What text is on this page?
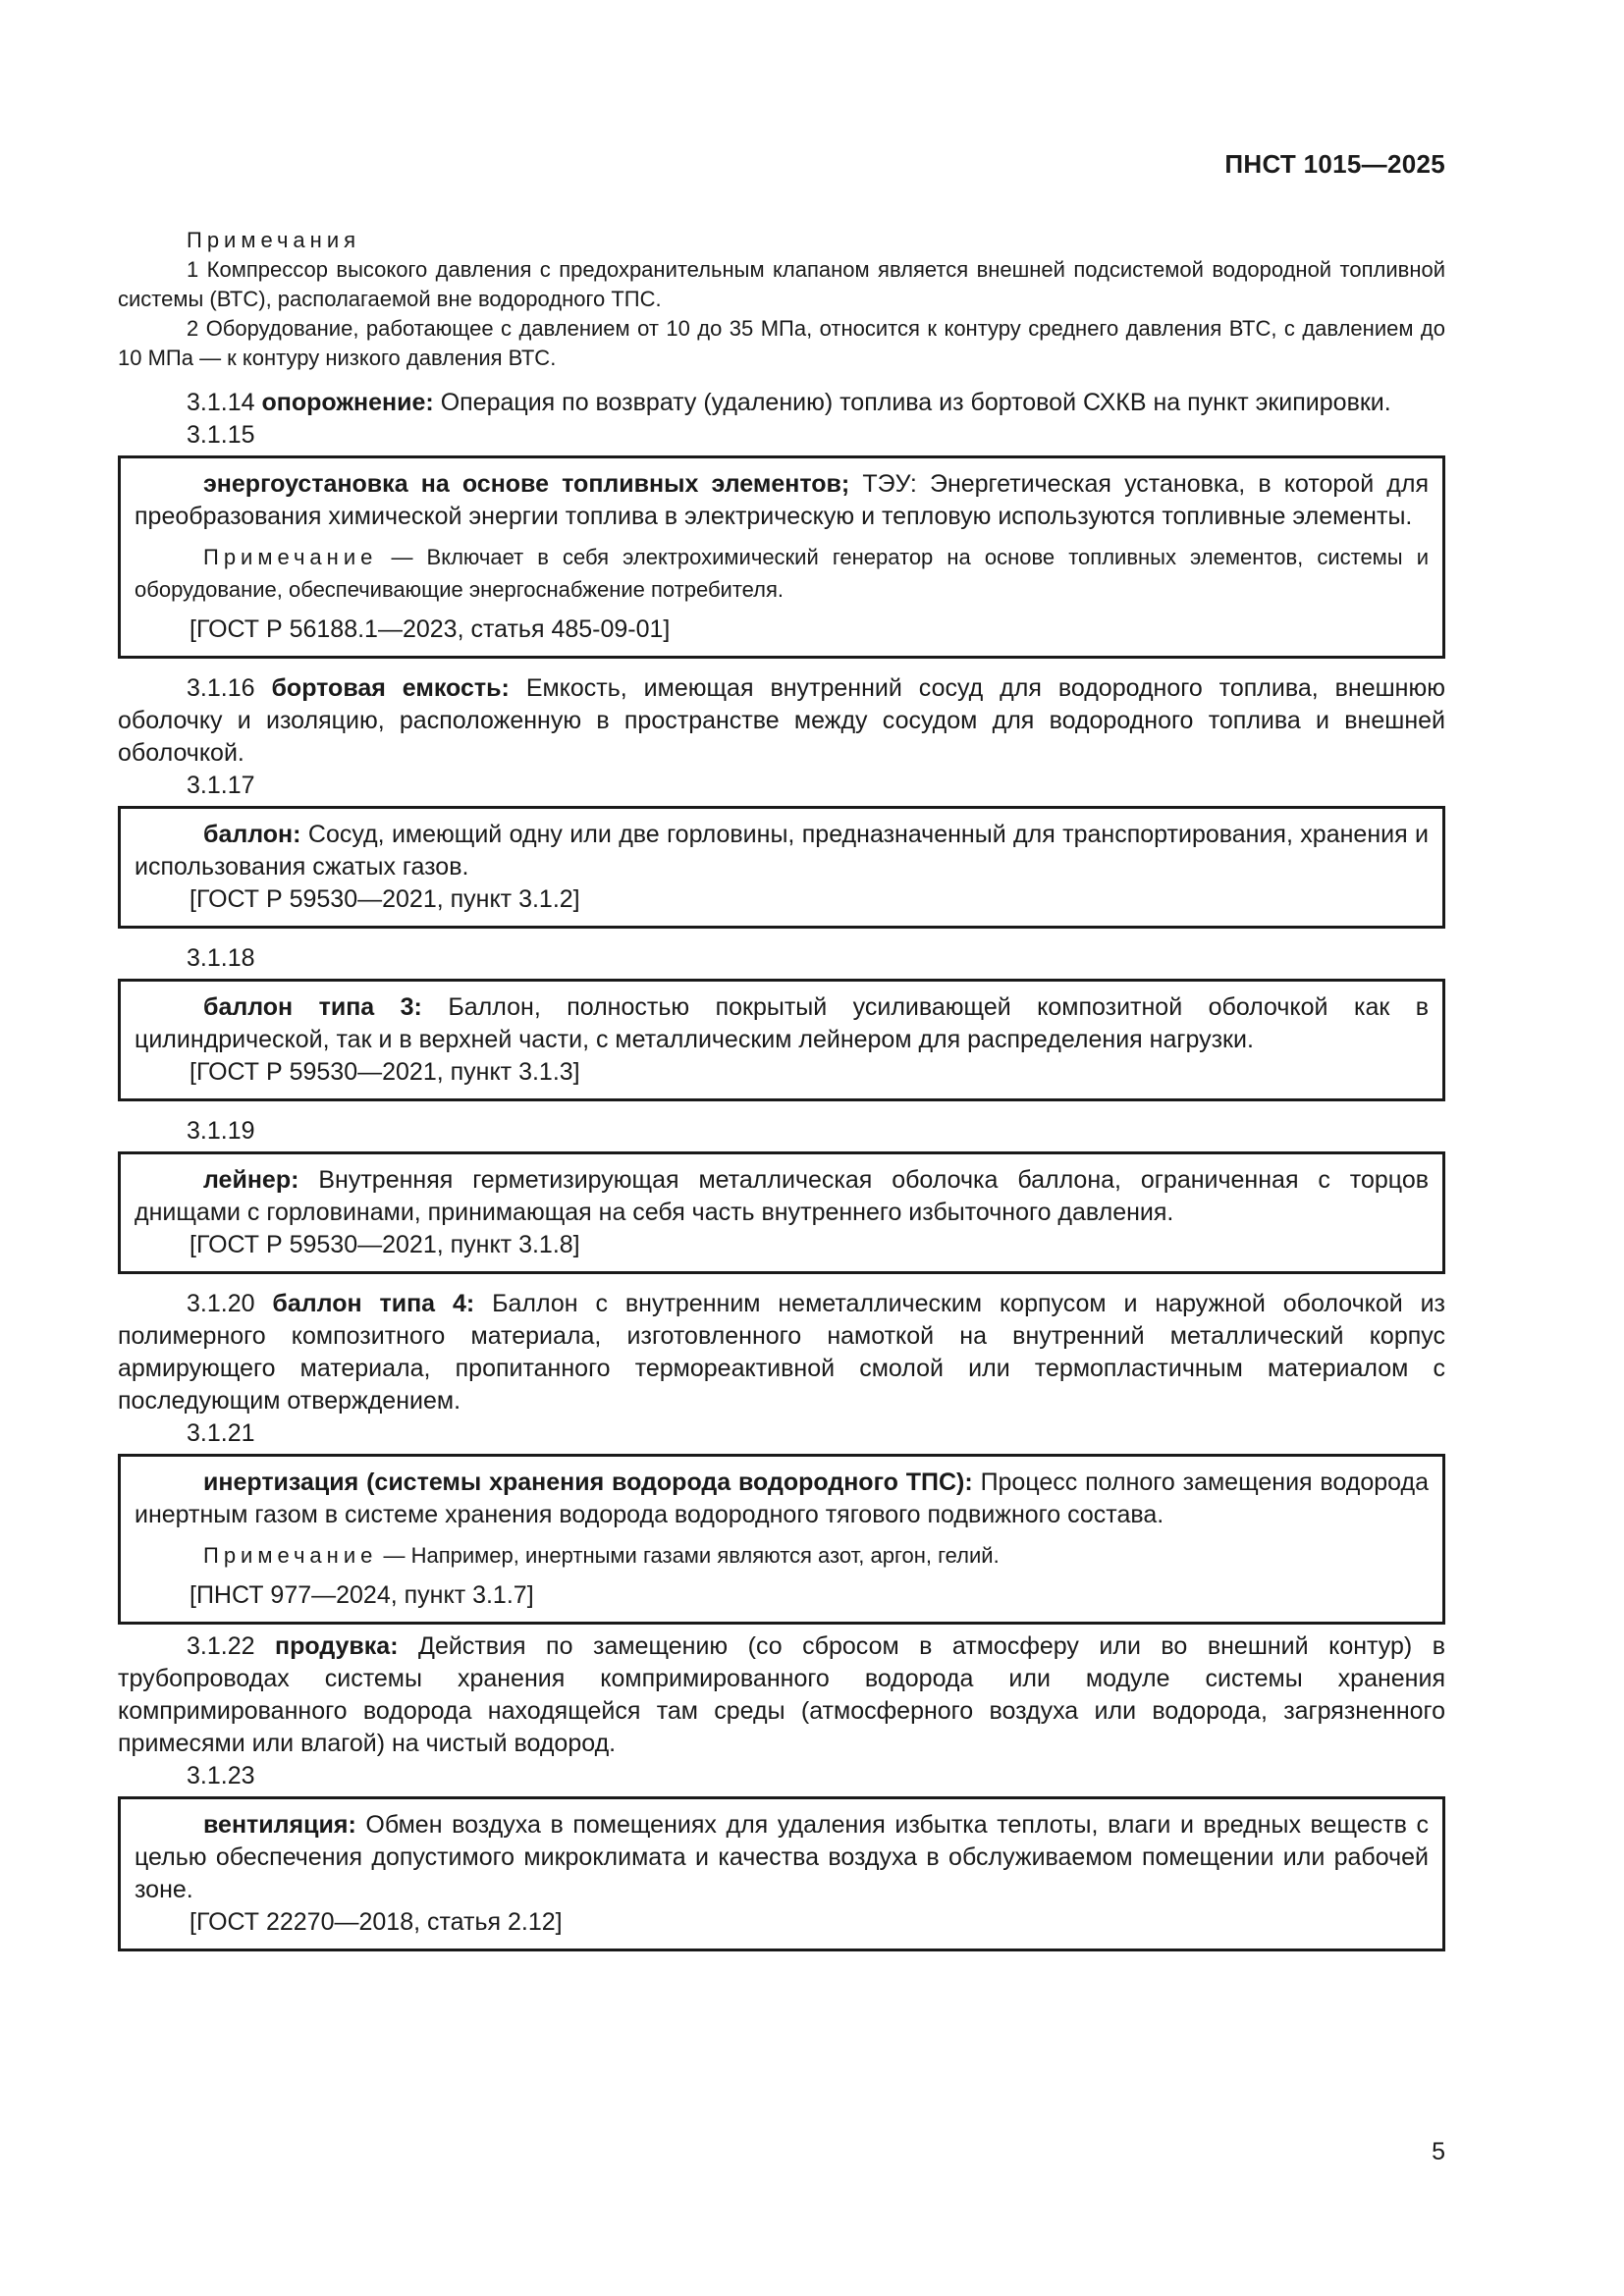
ПНСТ 1015—2025

Примечания

1 Компрессор высокого давления с предохранительным клапаном является внешней подсистемой водородной топливной системы (ВТС), располагаемой вне водородного ТПС.

2 Оборудование, работающее с давлением от 10 до 35 МПа, относится к контуру среднего давления ВТС, с давлением до 10 МПа — к контуру низкого давления ВТС.

3.1.14 опорожнение: Операция по возврату (удалению) топлива из бортовой СХКВ на пункт экипировки.

3.1.15

энергоустановка на основе топливных элементов; ТЭУ: Энергетическая установка, в которой для преобразования химической энергии топлива в электрическую и тепловую используются топливные элементы.

Примечание — Включает в себя электрохимический генератор на основе топливных элементов, системы и оборудование, обеспечивающие энергоснабжение потребителя.

[ГОСТ Р 56188.1—2023, статья 485-09-01]

3.1.16 бортовая емкость: Емкость, имеющая внутренний сосуд для водородного топлива, внешнюю оболочку и изоляцию, расположенную в пространстве между сосудом для водородного топлива и внешней оболочкой.

3.1.17

баллон: Сосуд, имеющий одну или две горловины, предназначенный для транспортирования, хранения и использования сжатых газов.

[ГОСТ Р 59530—2021, пункт 3.1.2]

3.1.18

баллон типа 3: Баллон, полностью покрытый усиливающей композитной оболочкой как в цилиндрической, так и в верхней части, с металлическим лейнером для распределения нагрузки.

[ГОСТ Р 59530—2021, пункт 3.1.3]

3.1.19

лейнер: Внутренняя герметизирующая металлическая оболочка баллона, ограниченная с торцов днищами с горловинами, принимающая на себя часть внутреннего избыточного давления.

[ГОСТ Р 59530—2021, пункт 3.1.8]

3.1.20 баллон типа 4: Баллон с внутренним неметаллическим корпусом и наружной оболочкой из полимерного композитного материала, изготовленного намоткой на внутренний металлический корпус армирующего материала, пропитанного термореактивной смолой или термопластичным материалом с последующим отверждением.

3.1.21

инертизация (системы хранения водорода водородного ТПС): Процесс полного замещения водорода инертным газом в системе хранения водорода водородного тягового подвижного состава.

Примечание — Например, инертными газами являются азот, аргон, гелий.

[ПНСТ 977—2024, пункт 3.1.7]

3.1.22 продувка: Действия по замещению (со сбросом в атмосферу или во внешний контур) в трубопроводах системы хранения компримированного водорода или модуле системы хранения компримированного водорода находящейся там среды (атмосферного воздуха или водорода, загрязненного примесями или влагой) на чистый водород.

3.1.23

вентиляция: Обмен воздуха в помещениях для удаления избытка теплоты, влаги и вредных веществ с целью обеспечения допустимого микроклимата и качества воздуха в обслуживаемом помещении или рабочей зоне.

[ГОСТ 22270—2018, статья 2.12]

5
